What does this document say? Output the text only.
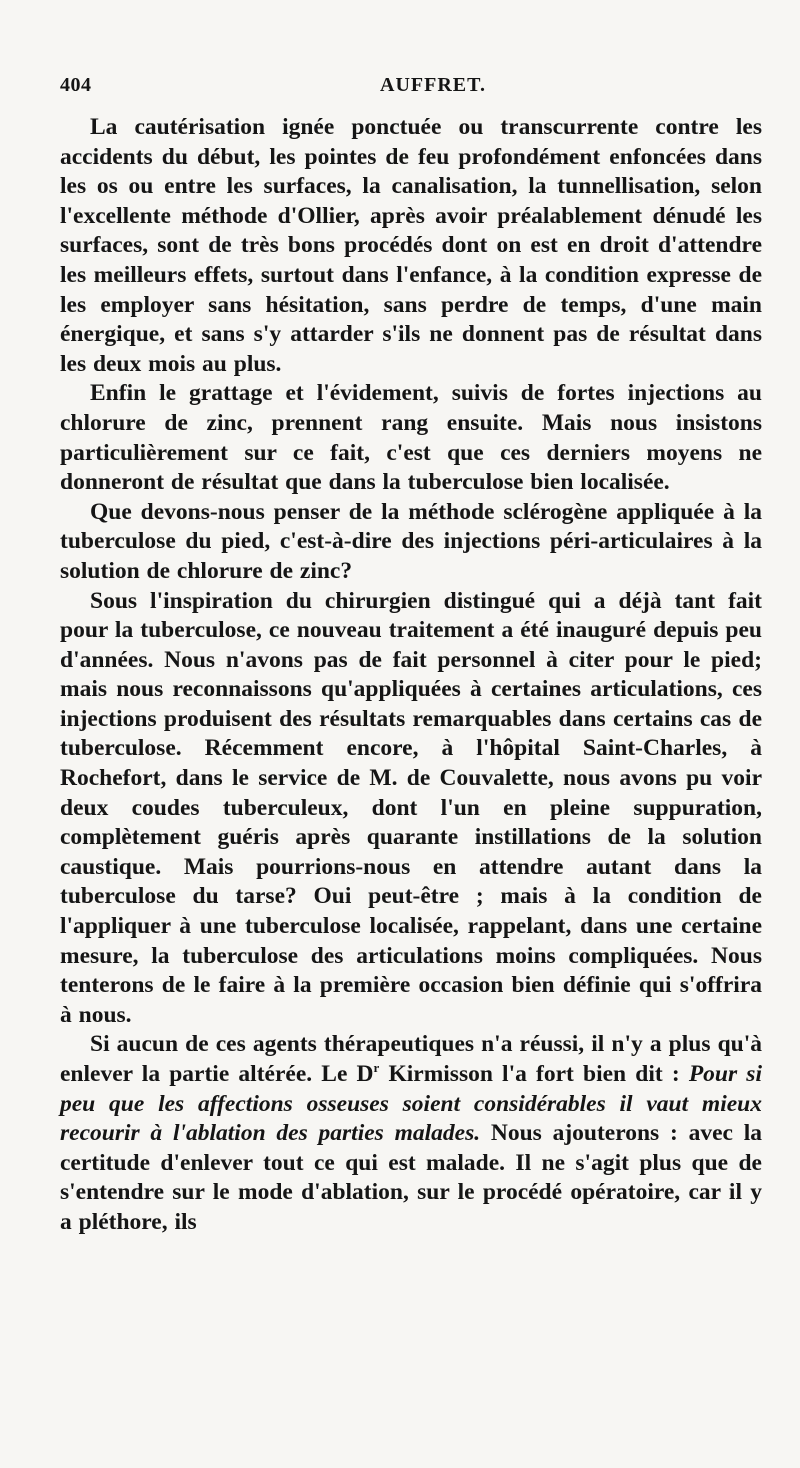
404	AUFFRET.

La cautérisation ignée ponctuée ou transcurrente contre les accidents du début, les pointes de feu profondément enfoncées dans les os ou entre les surfaces, la canalisation, la tunnellisation, selon l'excellente méthode d'Ollier, après avoir préalablement dénudé les surfaces, sont de très bons procédés dont on est en droit d'attendre les meilleurs effets, surtout dans l'enfance, à la condition expresse de les employer sans hésitation, sans perdre de temps, d'une main énergique, et sans s'y attarder s'ils ne donnent pas de résultat dans les deux mois au plus.

Enfin le grattage et l'évidement, suivis de fortes injections au chlorure de zinc, prennent rang ensuite. Mais nous insistons particulièrement sur ce fait, c'est que ces derniers moyens ne donneront de résultat que dans la tuberculose bien localisée.

Que devons-nous penser de la méthode sclérogène appliquée à la tuberculose du pied, c'est-à-dire des injections péri-articulaires à la solution de chlorure de zinc?

Sous l'inspiration du chirurgien distingué qui a déjà tant fait pour la tuberculose, ce nouveau traitement a été inauguré depuis peu d'années. Nous n'avons pas de fait personnel à citer pour le pied; mais nous reconnaissons qu'appliquées à certaines articulations, ces injections produisent des résultats remarquables dans certains cas de tuberculose. Récemment encore, à l'hôpital Saint-Charles, à Rochefort, dans le service de M. de Couvalette, nous avons pu voir deux coudes tuberculeux, dont l'un en pleine suppuration, complètement guéris après quarante instillations de la solution caustique. Mais pourrions-nous en attendre autant dans la tuberculose du tarse? Oui peut-être ; mais à la condition de l'appliquer à une tuberculose localisée, rappelant, dans une certaine mesure, la tuberculose des articulations moins compliquées. Nous tenterons de le faire à la première occasion bien définie qui s'offrira à nous.

Si aucun de ces agents thérapeutiques n'a réussi, il n'y a plus qu'à enlever la partie altérée. Le $D^r$ Kirmisson l'a fort bien dit : Pour si peu que les affections osseuses soient considérables il vaut mieux recourir à l'ablation des parties malades. Nous ajouterons : avec la certitude d'enlever tout ce qui est malade. Il ne s'agit plus que de s'entendre sur le mode d'ablation, sur le procédé opératoire, car il y a pléthore, ils
